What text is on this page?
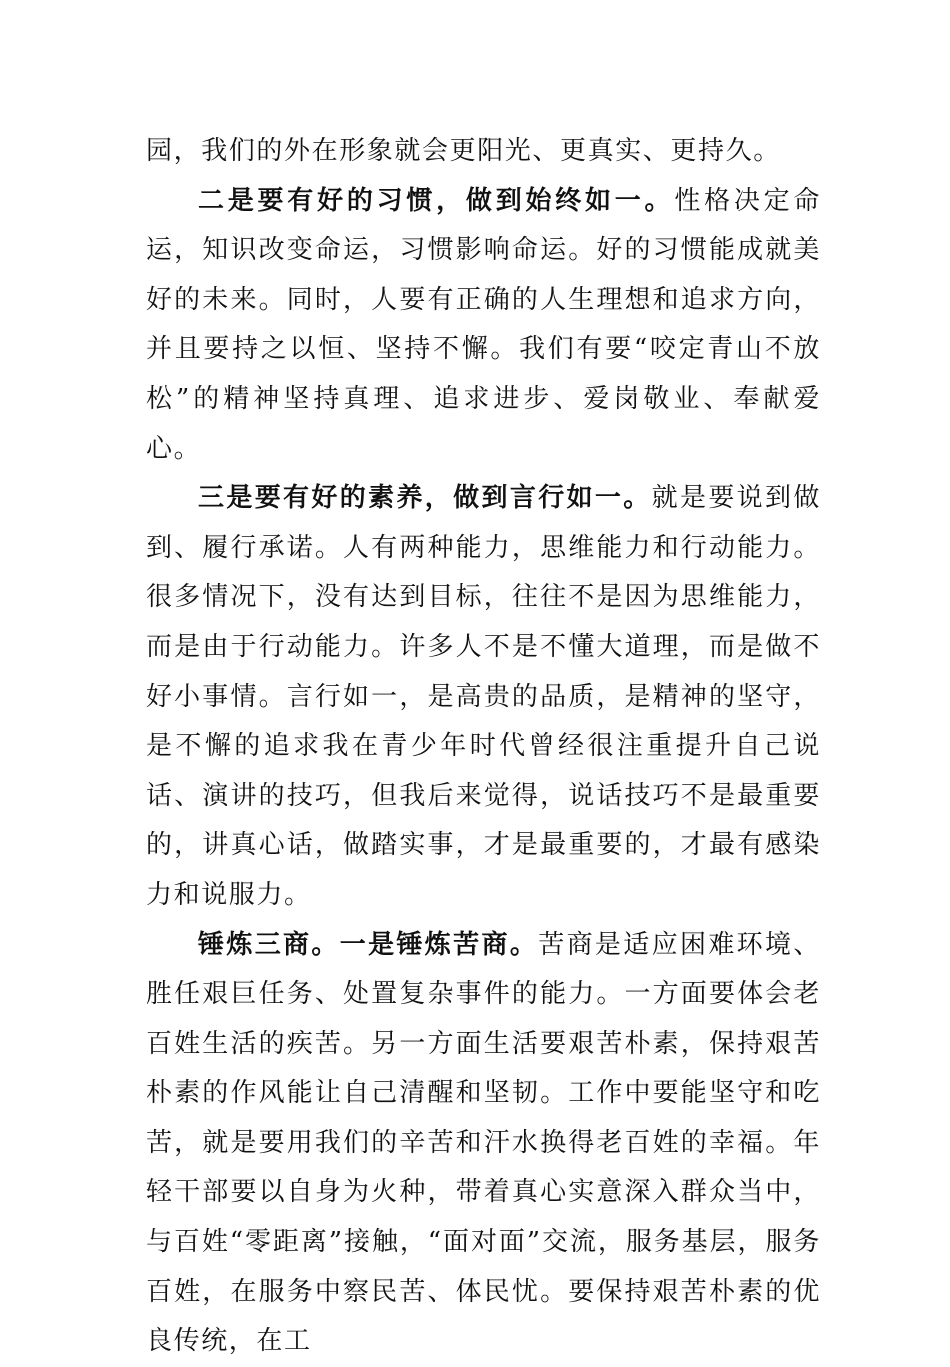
园，我们的外在形象就会更阳光、更真实、更持久。

二是要有好的习惯，做到始终如一。性格决定命运，知识改变命运，习惯影响命运。好的习惯能成就美好的未来。同时，人要有正确的人生理想和追求方向，并且要持之以恒、坚持不懈。我们有要“咬定青山不放松”的精神坚持真理、追求进步、爱岗敬业、奉献爱心。

三是要有好的素养，做到言行如一。就是要说到做到、履行承诺。人有两种能力，思维能力和行动能力。很多情况下，没有达到目标，往往不是因为思维能力，而是由于行动能力。许多人不是不懂大道理，而是做不好小事情。言行如一，是高贵的品质，是精神的坚守，是不懈的追求我在青少年时代曾经很注重提升自己说话、演讲的技巧，但我后来觉得，说话技巧不是最重要的，讲真心话，做踏实事，才是最重要的，才最有感染力和说服力。

锤炼三商。一是锤炼苦商。苦商是适应困难环境、胜任艰巨任务、处置复杂事件的能力。一方面要体会老百姓生活的疾苦。另一方面生活要艰苦朴素，保持艰苦朴素的作风能让自己清醒和坚韧。工作中要能坚守和吃苦，就是要用我们的辛苦和汗水换得老百姓的幸福。年轻干部要以自身为火种，带着真心实意深入群众当中，与百姓“零距离”接触，“面对面”交流，服务基层，服务百姓，在服务中察民苦、体民忧。要保持艰苦朴素的优良传统，在工
